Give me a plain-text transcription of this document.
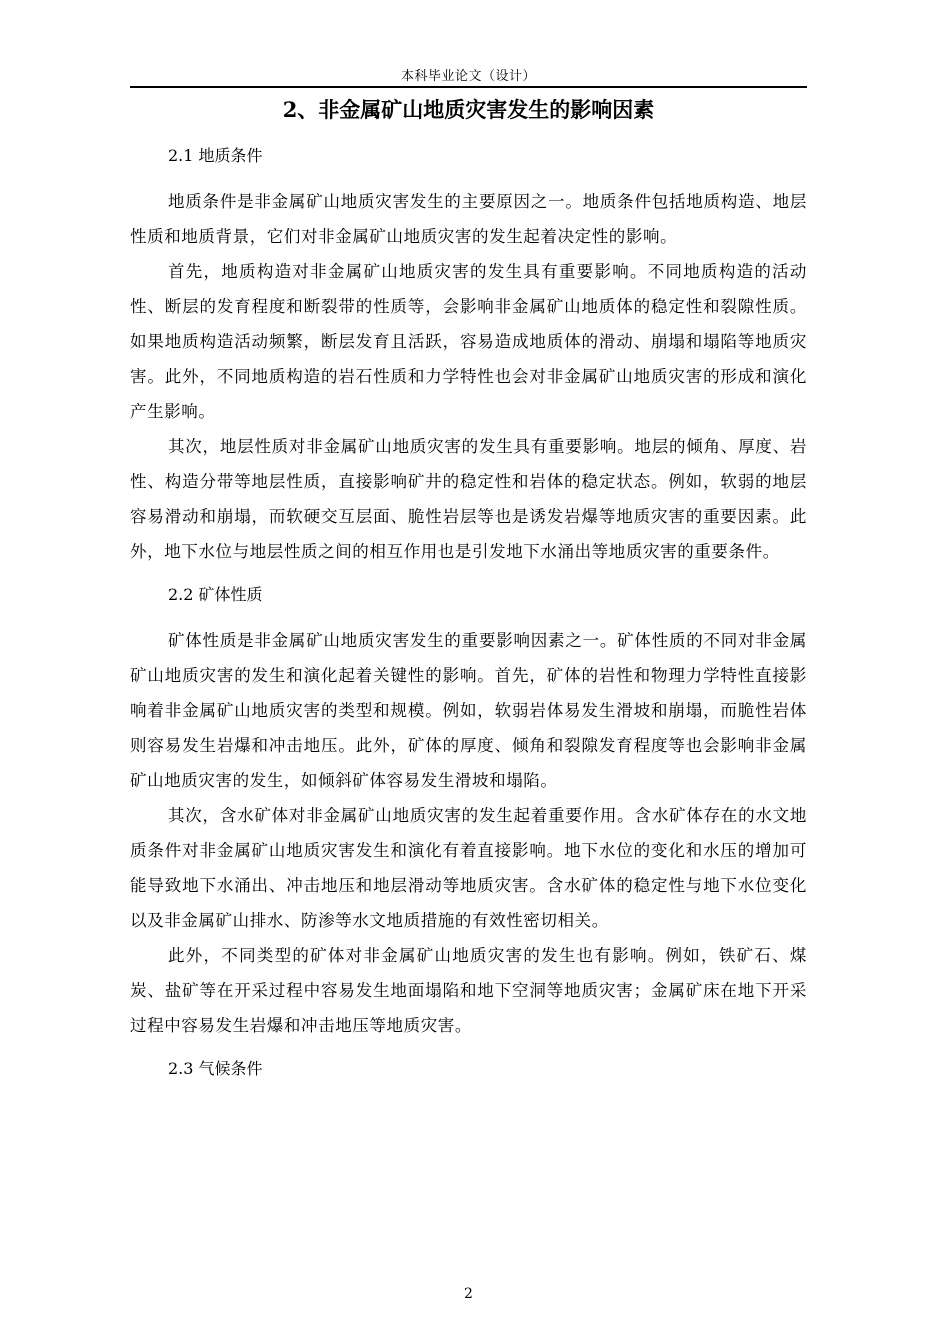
本科毕业论文（设计）
2、非金属矿山地质灾害发生的影响因素

2.1 地质条件

地质条件是非金属矿山地质灾害发生的主要原因之一。地质条件包括地质构造、地层性质和地质背景，它们对非金属矿山地质灾害的发生起着决定性的影响。

首先，地质构造对非金属矿山地质灾害的发生具有重要影响。不同地质构造的活动性、断层的发育程度和断裂带的性质等，会影响非金属矿山地质体的稳定性和裂隙性质。如果地质构造活动频繁，断层发育且活跃，容易造成地质体的滑动、崩塌和塌陷等地质灾害。此外，不同地质构造的岩石性质和力学特性也会对非金属矿山地质灾害的形成和演化产生影响。

其次，地层性质对非金属矿山地质灾害的发生具有重要影响。地层的倾角、厚度、岩性、构造分带等地层性质，直接影响矿井的稳定性和岩体的稳定状态。例如，软弱的地层容易滑动和崩塌，而软硬交互层面、脆性岩层等也是诱发岩爆等地质灾害的重要因素。此外，地下水位与地层性质之间的相互作用也是引发地下水涌出等地质灾害的重要条件。

2.2 矿体性质

矿体性质是非金属矿山地质灾害发生的重要影响因素之一。矿体性质的不同对非金属矿山地质灾害的发生和演化起着关键性的影响。首先，矿体的岩性和物理力学特性直接影响着非金属矿山地质灾害的类型和规模。例如，软弱岩体易发生滑坡和崩塌，而脆性岩体则容易发生岩爆和冲击地压。此外，矿体的厚度、倾角和裂隙发育程度等也会影响非金属矿山地质灾害的发生，如倾斜矿体容易发生滑坡和塌陷。

其次，含水矿体对非金属矿山地质灾害的发生起着重要作用。含水矿体存在的水文地质条件对非金属矿山地质灾害发生和演化有着直接影响。地下水位的变化和水压的增加可能导致地下水涌出、冲击地压和地层滑动等地质灾害。含水矿体的稳定性与地下水位变化以及非金属矿山排水、防渗等水文地质措施的有效性密切相关。

此外，不同类型的矿体对非金属矿山地质灾害的发生也有影响。例如，铁矿石、煤炭、盐矿等在开采过程中容易发生地面塌陷和地下空洞等地质灾害；金属矿床在地下开采过程中容易发生岩爆和冲击地压等地质灾害。

2.3 气候条件

2
